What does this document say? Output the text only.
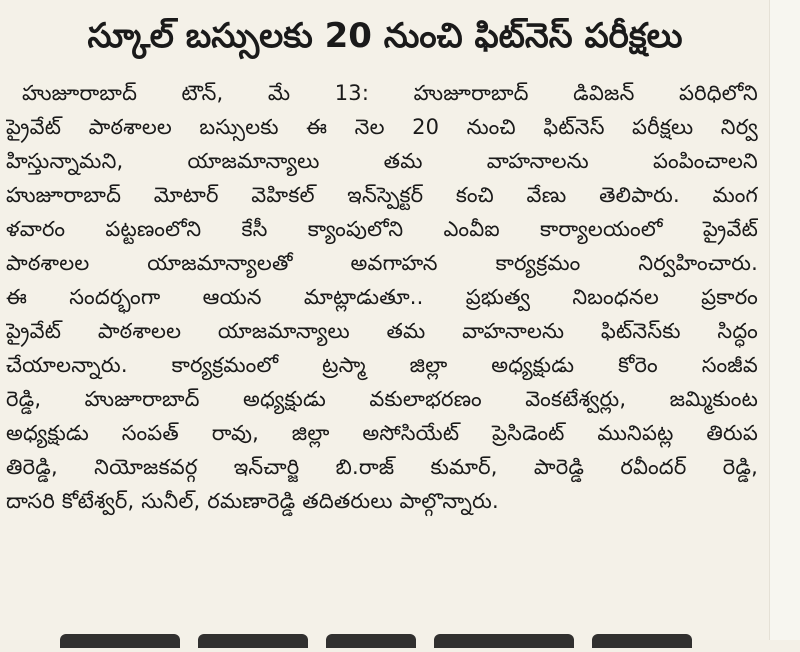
స్కూల్ బస్సులకు 20 నుంచి ఫిట్‌నెస్ పరీక్షలు
హుజూరాబాద్ టౌన్, మే 13: హుజూరాబాద్ డివిజన్ పరిధిలోని
ప్రైవేట్ పాఠశాలల బస్సులకు ఈ నెల 20 నుంచి ఫిట్‌నెస్ పరీక్షలు నిర్వ
హిస్తున్నామని, యాజమాన్యాలు తమ వాహనాలను పంపించాలని
హుజూరాబాద్ మోటార్ వెహికల్ ఇన్‌స్పెక్టర్ కంచి వేణు తెలిపారు. మంగ
ళవారం పట్టణంలోని కేసీ క్యాంపులోని ఎంవీఐ కార్యాలయంలో ప్రైవేట్
పాఠశాలల యాజమాన్యాలతో అవగాహన కార్యక్రమం నిర్వహించారు.
ఈ సందర్భంగా ఆయన మాట్లాడుతూ.. ప్రభుత్వ నిబంధనల ప్రకారం
ప్రైవేట్ పాఠశాలల యాజమాన్యాలు తమ వాహనాలను ఫిట్‌నెస్‌కు సిద్ధం
చేయాలన్నారు. కార్యక్రమంలో ట్రస్మా జిల్లా అధ్యక్షుడు కోరెం సంజీవ
రెడ్డి, హుజూరాబాద్ అధ్యక్షుడు వకులాభరణం వెంకటేశ్వర్లు, జమ్మికుంట
అధ్యక్షుడు సంపత్ రావు, జిల్లా అసోసియేట్ ప్రెసిడెంట్ మునిపట్ల తిరుప
తిరెడ్డి, నియోజకవర్గ ఇన్‌చార్జి బి.రాజ్ కుమార్, పారెడ్డి రవీందర్ రెడ్డి,
దాసరి కోటేశ్వర్, సునీల్, రమణారెడ్డి తదితరులు పాల్గొన్నారు.
